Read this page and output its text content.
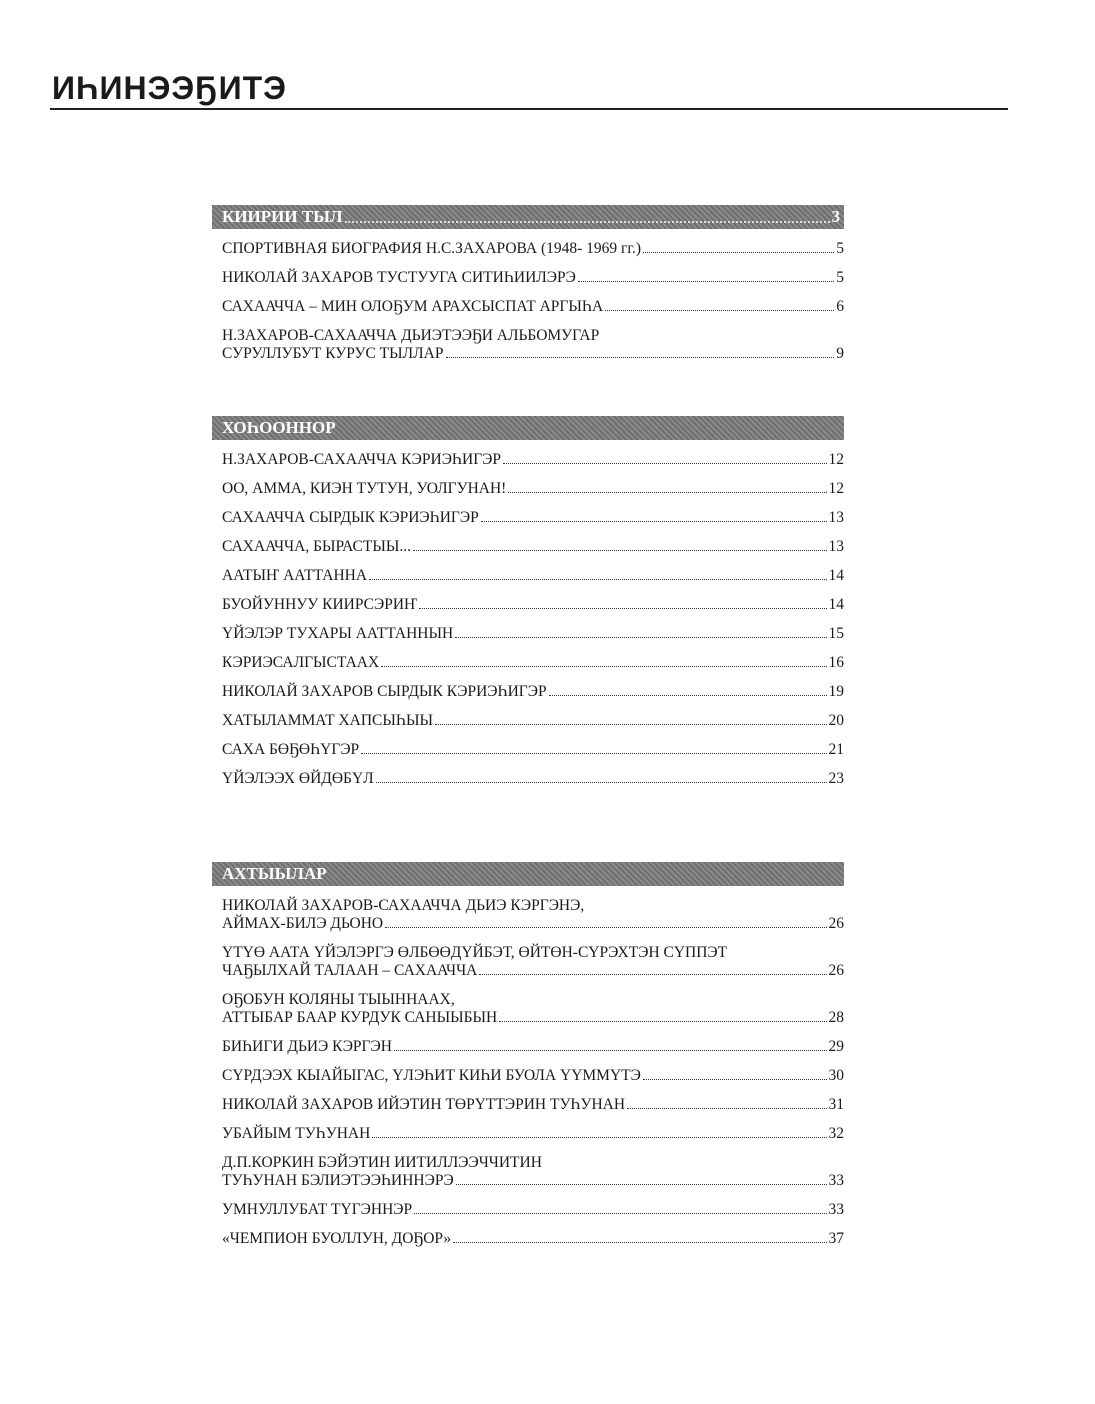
ИҺИНЭЭҔИТЭ
КИИРИИ ТЫЛ	3
СПОРТИВНАЯ БИОГРАФИЯ Н.С.ЗАХАРОВА (1948- 1969 гг.)	5
НИКОЛАЙ ЗАХАРОВ ТУСТУУГА СИТИҺИИЛЭРЭ	5
САХААЧЧА – МИН ОЛОҔУМ АРАХСЫСПАТ АРГЫҺА	6
Н.ЗАХАРОВ-САХААЧЧА ДЬИЭТЭЭҔИ АЛЬБОМУГАР
СУРУЛЛУБУТ КУРУС ТЫЛЛАР	9
ХОҺООННОР
Н.ЗАХАРОВ-САХААЧЧА КЭРИЭҺИГЭР	12
ОО, АММА, КИЭН ТУТУН, УОЛГУНАН!	12
САХААЧЧА СЫРДЫК КЭРИЭҺИГЭР	13
САХААЧЧА, БЫРАСТЫЫ...	13
ААТЫҤ ААТТАННА	14
БУОЙУННУУ КИИРСЭРИҤ	14
ҮЙЭЛЭР ТУХАРЫ ААТТАННЫН	15
КЭРИЭСАЛГЫСТААХ	16
НИКОЛАЙ ЗАХАРОВ СЫРДЫК КЭРИЭҺИГЭР	19
ХАТЫЛАММАТ ХАПСЫҺЫЫ	20
САХА БӨҔӨҺҮГЭР	21
ҮЙЭЛЭЭХ ӨЙДӨБҮЛ	23
АХТЫЫЛАР
НИКОЛАЙ ЗАХАРОВ-САХААЧЧА ДЬИЭ КЭРГЭНЭ,
АЙМАХ-БИЛЭ ДЬОНО	26
ҮТҮӨ ААТА ҮЙЭЛЭРГЭ ӨЛБӨӨДҮЙБЭТ, ӨЙТӨН-СҮРЭХТЭН СҮППЭТ
ЧАҔЫЛХАЙ ТАЛААН – САХААЧЧА	26
ОҔОБУН КОЛЯНЫ ТЫЫННААХ,
АТТЫБАР БААР КУРДУК САНЫЫБЫН	28
БИҺИГИ ДЬИЭ КЭРГЭН	29
СҮРДЭЭХ КЫАЙЫГАС, ҮЛЭҺИТ КИҺИ БУОЛА ҮҮММҮТЭ	30
НИКОЛАЙ ЗАХАРОВ ИЙЭТИН ТӨРҮТТЭРИН ТУҺУНАН	31
УБАЙЫМ ТУҺУНАН	32
Д.П.КОРКИН БЭЙЭТИН ИИТИЛЛЭЭЧЧИТИН
ТУҺУНАН БЭЛИЭТЭЭҺИННЭРЭ	33
УМНУЛЛУБАТ ТҮГЭННЭР	33
«ЧЕМПИОН БУОЛЛУН, ДОҔОР»	37
